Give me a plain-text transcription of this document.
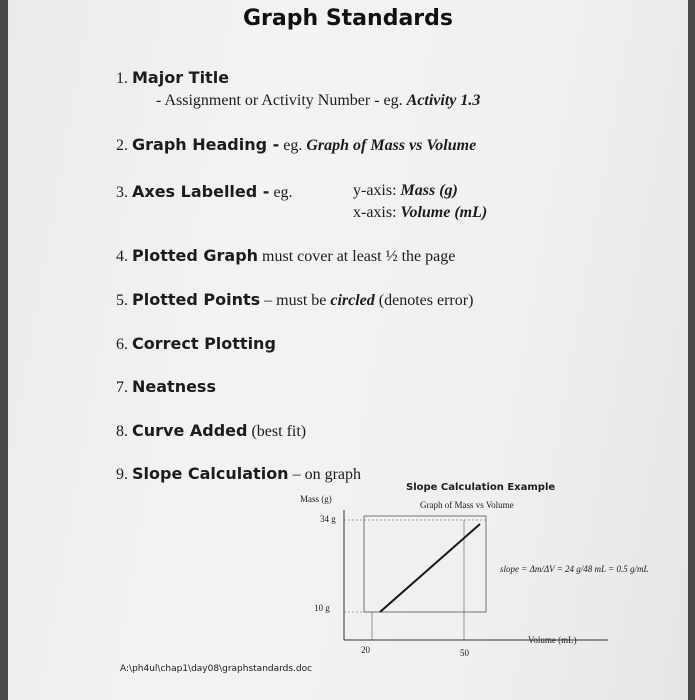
Graph Standards
1. Major Title
- Assignment or Activity Number - eg. Activity 1.3
2. Graph Heading - eg. Graph of Mass vs Volume
3. Axes Labelled - eg.	y-axis: Mass (g)
x-axis: Volume (mL)
4. Plotted Graph must cover at least ½ the page
5. Plotted Points – must be circled (denotes error)
6. Correct Plotting
7. Neatness
8. Curve Added (best fit)
9. Slope Calculation – on graph
Slope Calculation Example
Graph of Mass vs Volume
Mass (g)
34 g
10 g
20	50
Volume (mL)
slope = Δm/ΔV = 24 g/48 mL = 0.5 g/mL
A:\ph4ul\chap1\day08\graphstandards.doc
